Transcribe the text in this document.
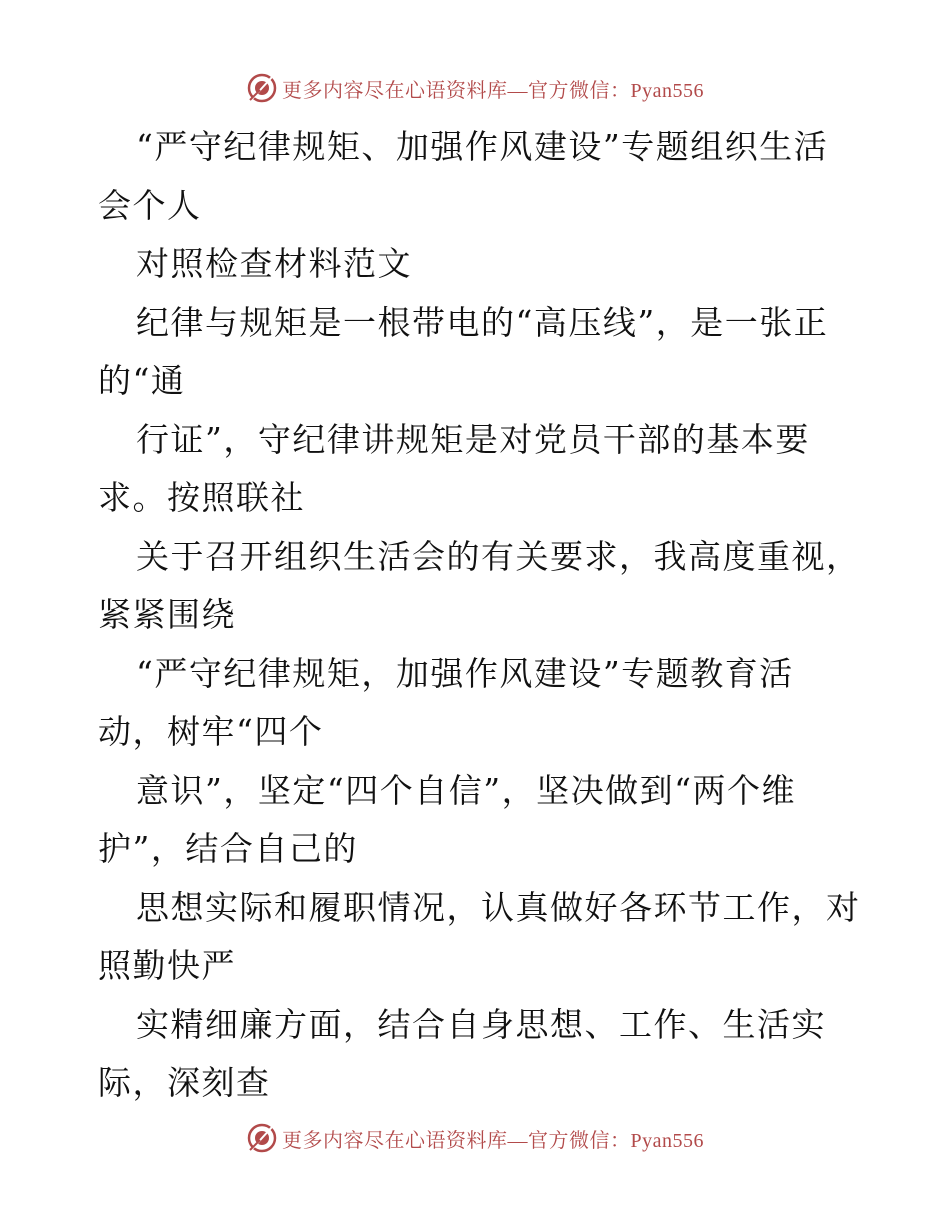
更多内容尽在心语资料库—官方微信：Pyan556
“严守纪律规矩、加强作风建设”专题组织生活
会个人
对照检查材料范文
纪律与规矩是一根带电的“高压线”，是一张正
的“通
行证”，守纪律讲规矩是对党员干部的基本要
求。按照联社
关于召开组织生活会的有关要求，我高度重视，
紧紧围绕
“严守纪律规矩，加强作风建设”专题教育活
动，树牢“四个
意识”，坚定“四个自信”，坚决做到“两个维
护”，结合自己的
思想实际和履职情况，认真做好各环节工作，对
照勤快严
实精细廉方面，结合自身思想、工作、生活实
际，深刻查
更多内容尽在心语资料库—官方微信：Pyan556
